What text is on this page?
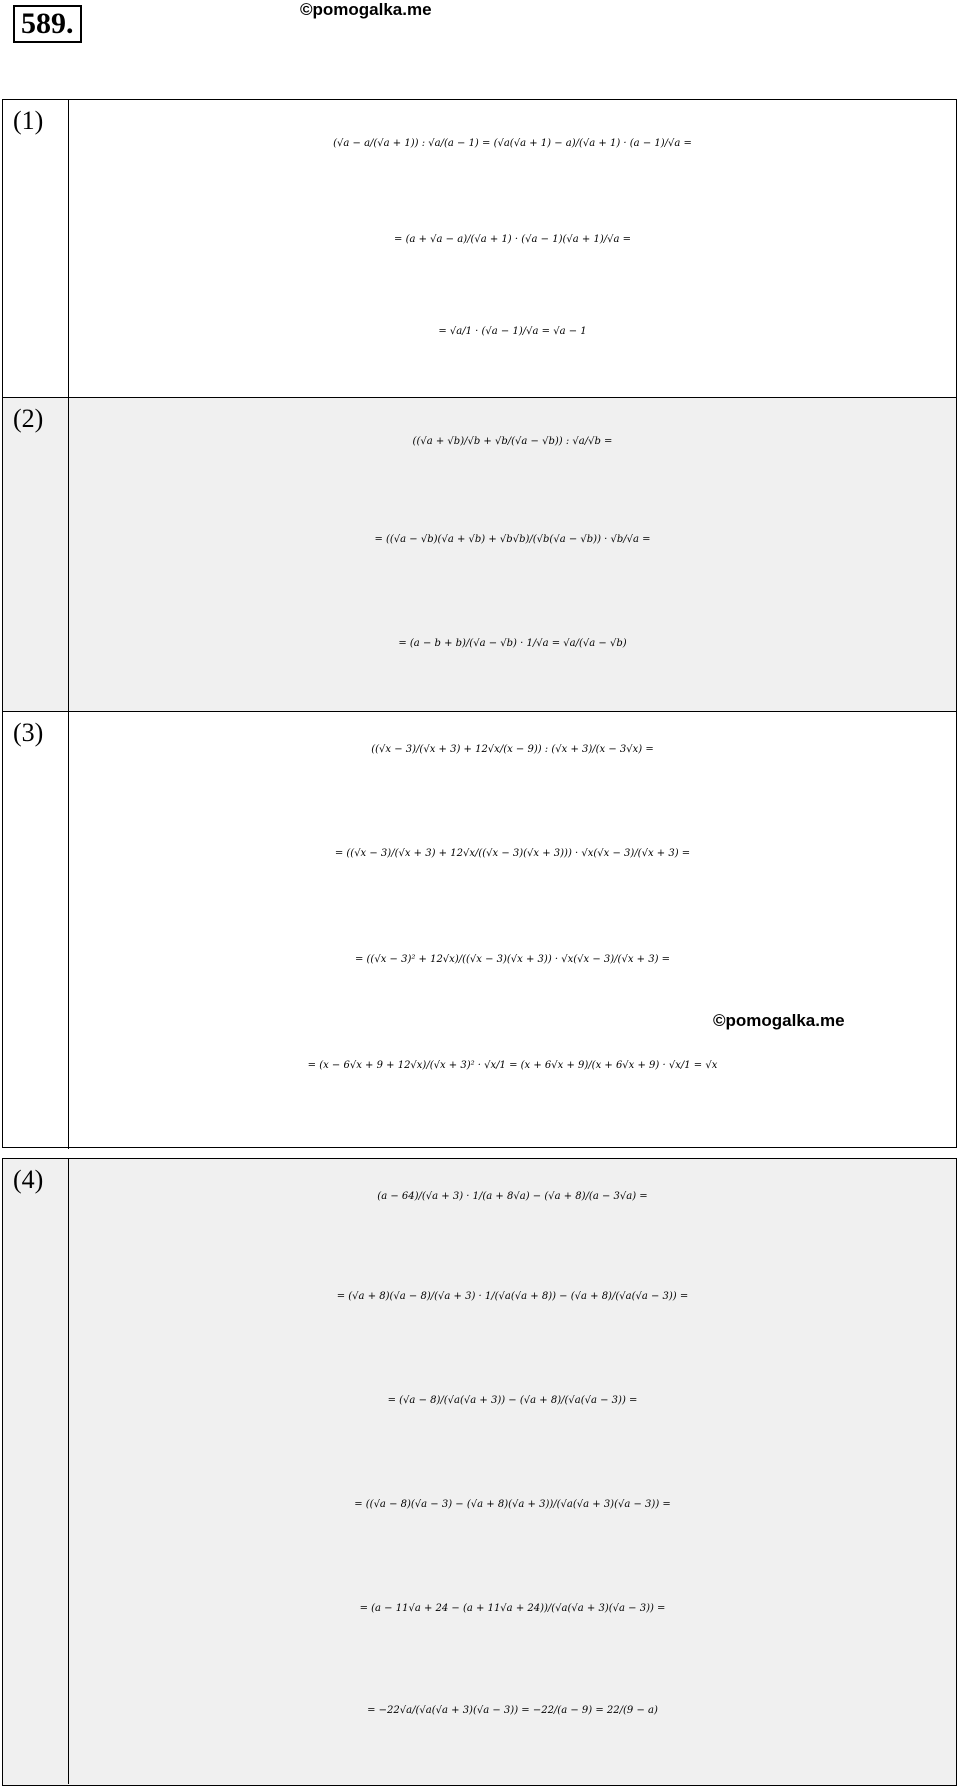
589.	©pomogalka.me
(1)
(√a − a/(√a + 1)) : √a/(a − 1) = (√a(√a + 1) − a)/(√a + 1) · (a − 1)/√a =
= (a + √a − a)/(√a + 1) · (√a − 1)(√a + 1)/√a =
= √a/1 · (√a − 1)/√a = √a − 1
(2)
((√a + √b)/√b + √b/(√a − √b)) : √a/√b =
= ((√a − √b)(√a + √b) + √b√b)/(√b(√a − √b)) · √b/√a =
= (a − b + b)/(√a − √b) · 1/√a = √a/(√a − √b)
(3)
((√x − 3)/(√x + 3) + 12√x/(x − 9)) : (√x + 3)/(x − 3√x) =
= ((√x − 3)/(√x + 3) + 12√x/((√x − 3)(√x + 3))) · √x(√x − 3)/(√x + 3) =
= ((√x − 3)² + 12√x)/((√x − 3)(√x + 3)) · √x(√x − 3)/(√x + 3) =
= (x − 6√x + 9 + 12√x)/(√x + 3)² · √x/1 = (x + 6√x + 9)/(x + 6√x + 9) · √x/1 = √x
©pomogalka.me
(4)
(a − 64)/(√a + 3) · 1/(a + 8√a) − (√a + 8)/(a − 3√a) =
= (√a + 8)(√a − 8)/(√a + 3) · 1/(√a(√a + 8)) − (√a + 8)/(√a(√a − 3)) =
= (√a − 8)/(√a(√a + 3)) − (√a + 8)/(√a(√a − 3)) =
= ((√a − 8)(√a − 3) − (√a + 8)(√a + 3))/(√a(√a + 3)(√a − 3)) =
= (a − 11√a + 24 − (a + 11√a + 24))/(√a(√a + 3)(√a − 3)) =
= −22√a/(√a(√a + 3)(√a − 3)) = −22/(a − 9) = 22/(9 − a)
